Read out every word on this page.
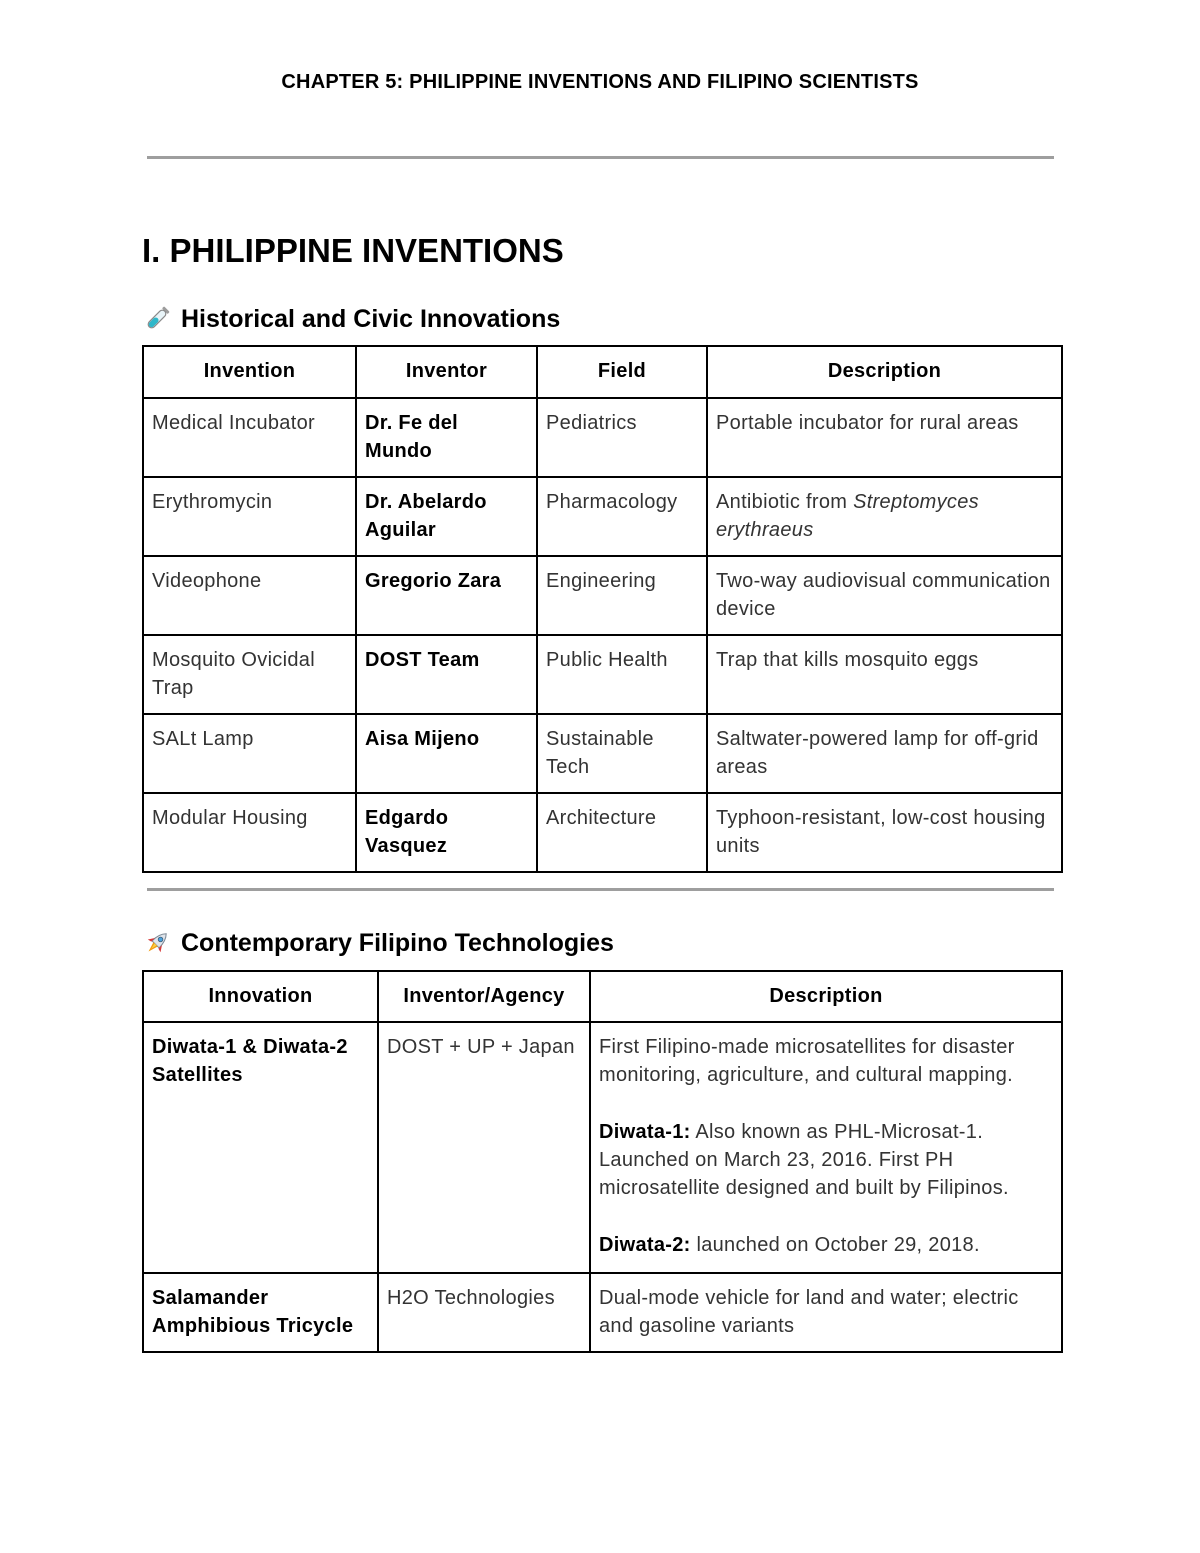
CHAPTER 5: PHILIPPINE INVENTIONS AND FILIPINO SCIENTISTS
I. PHILIPPINE INVENTIONS
Historical and Civic Innovations
Invention	Inventor	Field	Description
Medical Incubator	Dr. Fe del Mundo	Pediatrics	Portable incubator for rural areas
Erythromycin	Dr. Abelardo Aguilar	Pharmacology	Antibiotic from Streptomyces erythraeus
Videophone	Gregorio Zara	Engineering	Two-way audiovisual communication device
Mosquito Ovicidal Trap	DOST Team	Public Health	Trap that kills mosquito eggs
SALt Lamp	Aisa Mijeno	Sustainable Tech	Saltwater-powered lamp for off-grid areas
Modular Housing	Edgardo Vasquez	Architecture	Typhoon-resistant, low-cost housing units
Contemporary Filipino Technologies
Innovation	Inventor/Agency	Description
Diwata-1 & Diwata-2 Satellites	DOST + UP + Japan	First Filipino-made microsatellites for disaster monitoring, agriculture, and cultural mapping.
Diwata-1: Also known as PHL-Microsat-1. Launched on March 23, 2016. First PH microsatellite designed and built by Filipinos.
Diwata-2: launched on October 29, 2018.

Salamander Amphibious Tricycle	H2O Technologies	Dual-mode vehicle for land and water; electric and gasoline variants
